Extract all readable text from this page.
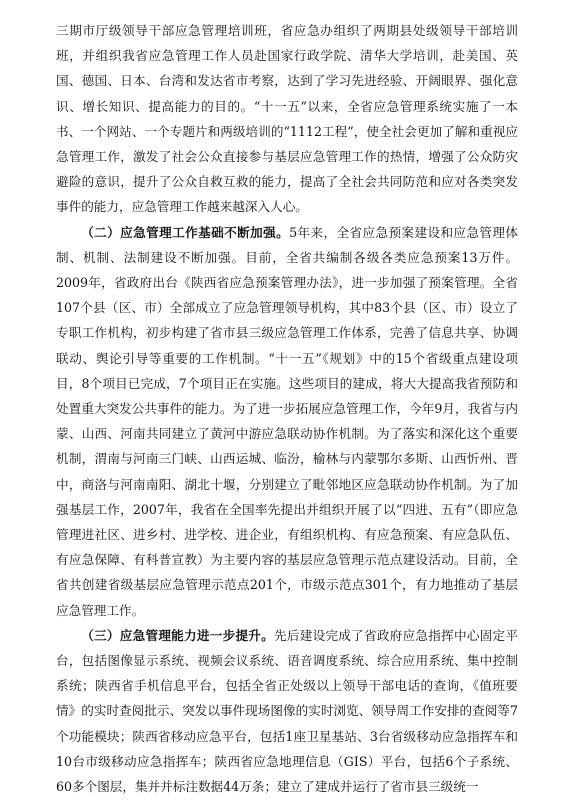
三期市厅级领导干部应急管理培训班，省应急办组织了两期县处级领导干部培训班，并组织我省应急管理工作人员赴国家行政学院、清华大学培训，赴美国、英国、德国、日本、台湾和发达省市考察，达到了学习先进经验、开阔眼界、强化意识、增长知识、提高能力的目的。“十一五”以来，全省应急管理系统实施了一本书、一个网站、一个专题片和两级培训的“1112工程”，使全社会更加了解和重视应急管理工作，激发了社会公众直接参与基层应急管理工作的热情，增强了公众防灾避险的意识，提升了公众自救互救的能力，提高了全社会共同防范和应对各类突发事件的能力，应急管理工作越来越深入人心。

（二）应急管理工作基础不断加强。5年来，全省应急预案建设和应急管理体制、机制、法制建设不断加强。目前，全省共编制各级各类应急预案13万件。2009年，省政府出台《陕西省应急预案管理办法》，进一步加强了预案管理。全省107个县（区、市）全部成立了应急管理领导机构，其中83个县（区、市）设立了专职工作机构，初步构建了省市县三级应急管理工作体系，完善了信息共享、协调联动、舆论引导等重要的工作机制。“十一五”《规划》中的15个省级重点建设项目，8个项目已完成，7个项目正在实施。这些项目的建成，将大大提高我省预防和处置重大突发公共事件的能力。为了进一步拓展应急管理工作，今年9月，我省与内蒙、山西、河南共同建立了黄河中游应急联动协作机制。为了落实和深化这个重要机制，渭南与河南三门峡、山西运城、临汾，榆林与内蒙鄂尔多斯、山西忻州、晋中，商洛与河南南阳、湖北十堰，分别建立了毗邻地区应急联动协作机制。为了加强基层工作，2007年，我省在全国率先提出并组织开展了以“四进、五有”（即应急管理进社区、进乡村、进学校、进企业，有组织机构、有应急预案、有应急队伍、有应急保障、有科普宣教）为主要内容的基层应急管理示范点建设活动。目前，全省共创建省级基层应急管理示范点201个，市级示范点301个，有力地推动了基层应急管理工作。

（三）应急管理能力进一步提升。先后建设完成了省政府应急指挥中心固定平台，包括图像显示系统、视频会议系统、语音调度系统、综合应用系统、集中控制系统；陕西省手机信息平台，包括全省正处级以上领导干部电话的查询，《值班要情》的实时查阅批示、突发以事件现场图像的实时浏览、领导周工作安排的查阅等7个功能模块；陕西省移动应急平台，包括1座卫星基站、3台省级移动应急指挥车和10台市级移动应急指挥车；陕西省应急地理信息（GIS）平台，包括6个子系统、60多个图层，集并并标注数据44万条；建立了建成并运行了省市县三级统一
